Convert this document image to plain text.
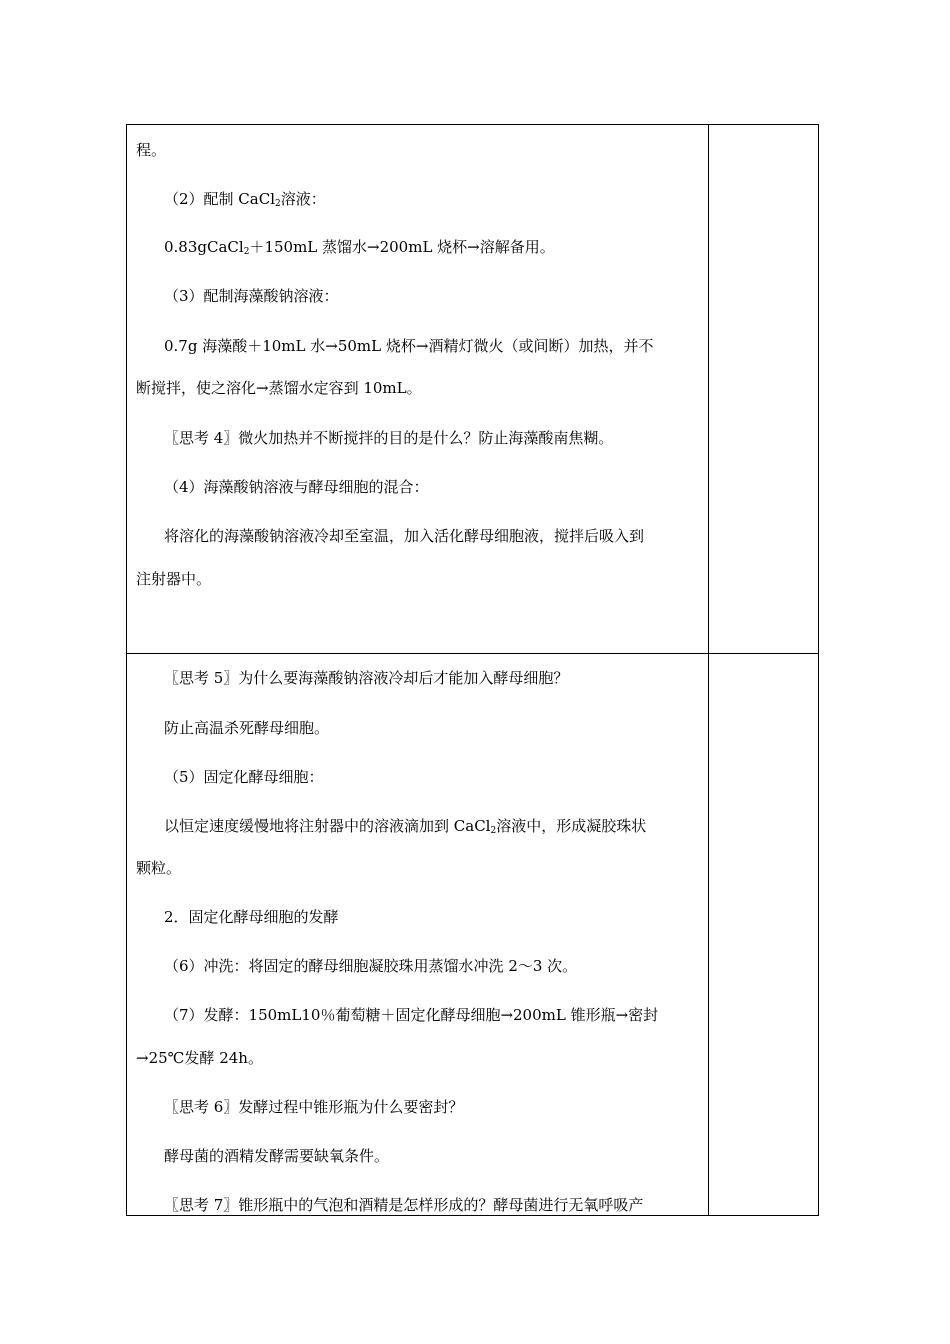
程。
（2）配制 CaCl$_2$溶液：
0.83gCaCl$_2$＋150mL 蒸馏水→200mL 烧杯→溶解备用。
（3）配制海藻酸钠溶液：
0.7g 海藻酸＋10mL 水→50mL 烧杯→酒精灯微火（或间断）加热，并不
断搅拌，使之溶化→蒸馏水定容到 10mL。
〖思考 4〗微火加热并不断搅拌的目的是什么？防止海藻酸南焦糊。
（4）海藻酸钠溶液与酵母细胞的混合：
将溶化的海藻酸钠溶液冷却至室温，加入活化酵母细胞液，搅拌后吸入到
注射器中。
〖思考 5〗为什么要海藻酸钠溶液冷却后才能加入酵母细胞？
防止高温杀死酵母细胞。
（5）固定化酵母细胞：
以恒定速度缓慢地将注射器中的溶液滴加到 CaCl$_2$溶液中，形成凝胶珠状
颗粒。
2．固定化酵母细胞的发酵
（6）冲洗：将固定的酵母细胞凝胶珠用蒸馏水冲洗 2～3 次。
（7）发酵：150mL10％葡萄糖＋固定化酵母细胞→200mL 锥形瓶→密封
→25℃发酵 24h。
〖思考 6〗发酵过程中锥形瓶为什么要密封？
酵母菌的酒精发酵需要缺氧条件。
〖思考 7〗锥形瓶中的气泡和酒精是怎样形成的？酵母菌进行无氧呼吸产
